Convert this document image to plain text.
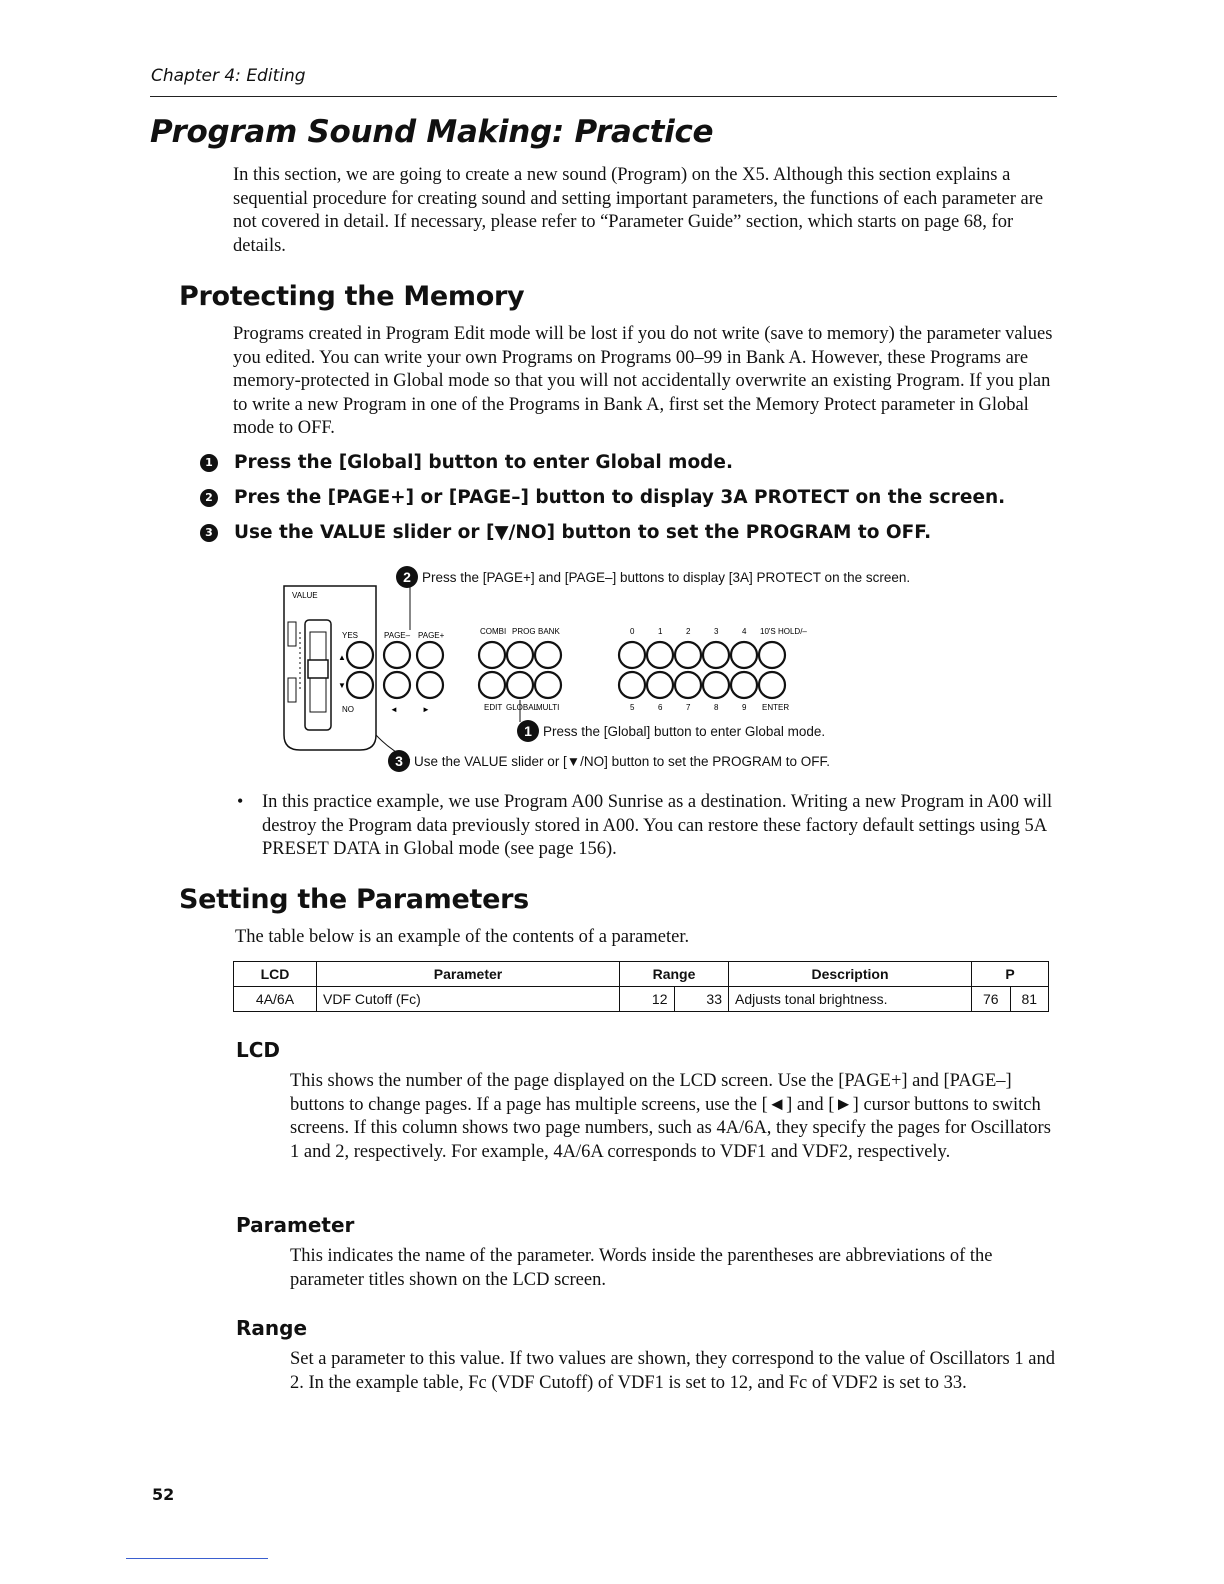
Chapter 4: Editing
Program Sound Making: Practice
In this section, we are going to create a new sound (Program) on the X5. Although this section explains a sequential procedure for creating sound and setting important parameters, the functions of each parameter are not covered in detail. If necessary, please refer to “Parameter Guide” section, which starts on page 68, for details.
Protecting the Memory
Programs created in Program Edit mode will be lost if you do not write (save to memory) the parameter values you edited. You can write your own Programs on Programs 00–99 in Bank A. However, these Programs are memory-protected in Global mode so that you will not accidentally overwrite an existing Program. If you plan to write a new Program in one of the Programs in Bank A, first set the Memory Protect parameter in Global mode to OFF.
1 Press the [Global] button to enter Global mode.
2 Pres the [PAGE+] or [PAGE–] button to display 3A PROTECT on the screen.
3 Use the VALUE slider or [▼/NO] button to set the PROGRAM to OFF.
VALUE
▲
▼
YES
NO
PAGE– PAGE+
◄	►
COMBI PROG BANK
EDIT GLOBAL
MULTI
0	1	2	3	4 10'S HOLD/–
5	6	7	8	9 ENTER
2 Press the [PAGE+] and [PAGE–] buttons to display [3A] PROTECT on the screen.
1 Press the [Global] button to enter Global mode.
3 Use the VALUE slider or [▼/NO] button to set the PROGRAM to OFF.
• In this practice example, we use Program A00 Sunrise as a destination. Writing a new Program in A00 will destroy the Program data previously stored in A00. You can restore these factory default settings using 5A PRESET DATA in Global mode (see page 156).
Setting the Parameters
The table below is an example of the contents of a parameter.
LCD	Parameter	Range		Description	P	
4A/6A	VDF Cutoff (Fc)	12	33	Adjusts tonal brightness.	76	81
LCD
This shows the number of the page displayed on the LCD screen. Use the [PAGE+] and [PAGE–] buttons to change pages. If a page has multiple screens, use the [◄] and [►] cursor buttons to switch screens. If this column shows two page numbers, such as 4A/6A, they specify the pages for Oscillators 1 and 2, respectively. For example, 4A/6A corresponds to VDF1 and VDF2, respectively.
Parameter
This indicates the name of the parameter. Words inside the parentheses are abbreviations of the parameter titles shown on the LCD screen.
Range
Set a parameter to this value. If two values are shown, they correspond to the value of Oscillators 1 and 2. In the example table, Fc (VDF Cutoff) of VDF1 is set to 12, and Fc of VDF2 is set to 33.
52
